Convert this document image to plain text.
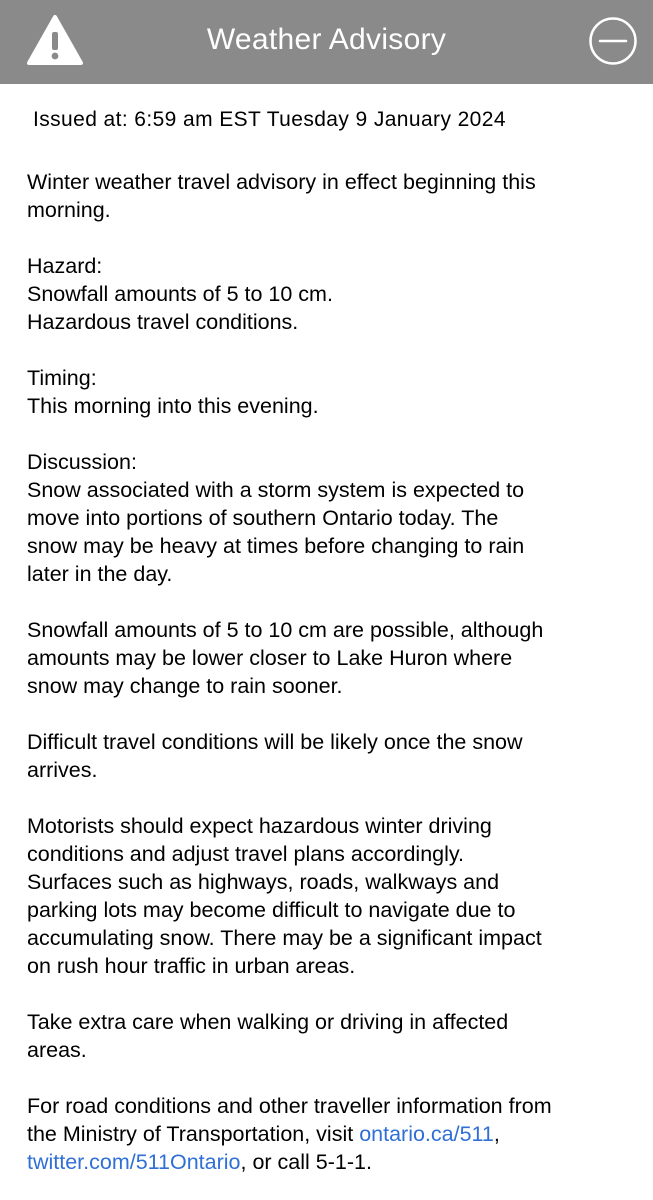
Weather Advisory
Issued at: 6:59 am EST Tuesday 9 January 2024

Winter weather travel advisory in effect beginning this
morning.

Hazard:
Snowfall amounts of 5 to 10 cm.
Hazardous travel conditions.

Timing:
This morning into this evening.

Discussion:
Snow associated with a storm system is expected to
move into portions of southern Ontario today. The
snow may be heavy at times before changing to rain
later in the day.

Snowfall amounts of 5 to 10 cm are possible, although
amounts may be lower closer to Lake Huron where
snow may change to rain sooner.

Difficult travel conditions will be likely once the snow
arrives.

Motorists should expect hazardous winter driving
conditions and adjust travel plans accordingly.
Surfaces such as highways, roads, walkways and
parking lots may become difficult to navigate due to
accumulating snow. There may be a significant impact
on rush hour traffic in urban areas.

Take extra care when walking or driving in affected
areas.

For road conditions and other traveller information from
the Ministry of Transportation, visit ontario.ca/511,
twitter.com/511Ontario, or call 5-1-1.
